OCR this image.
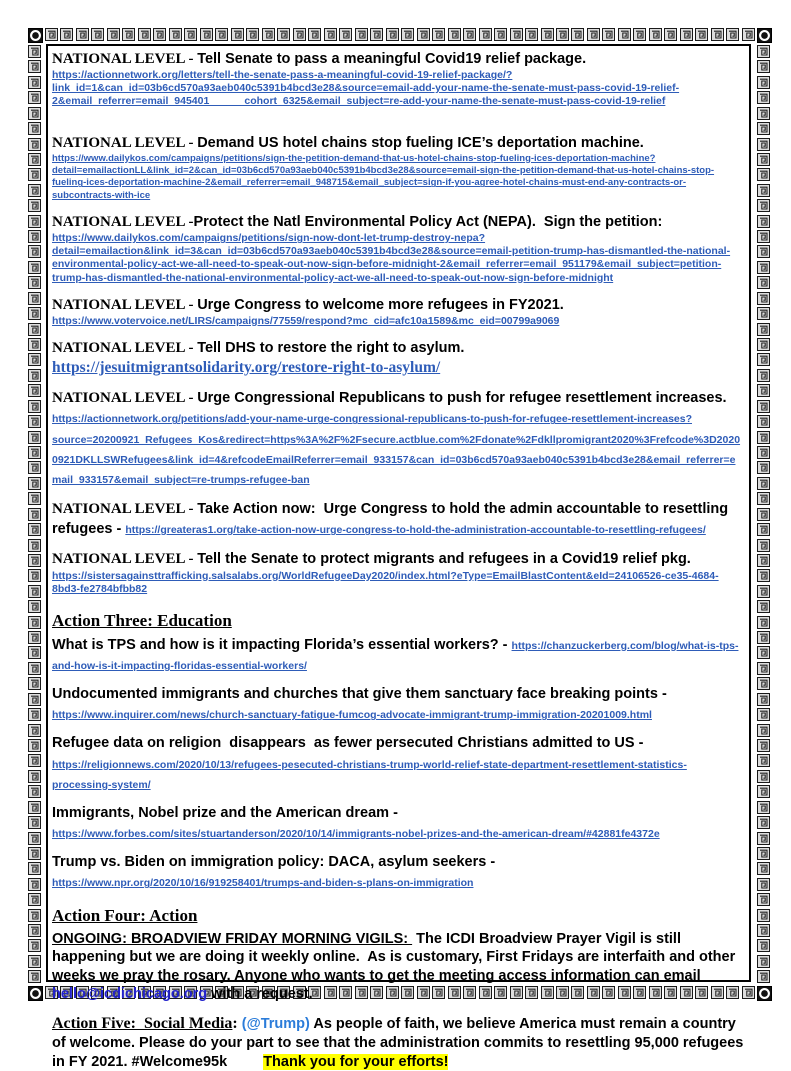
NATIONAL LEVEL - Tell Senate to pass a meaningful Covid19 relief package.
https://actionnetwork.org/letters/tell-the-senate-pass-a-meaningful-covid-19-relief-package/?link_id=1&can_id=03b6cd570a93aeb040c5391b4bcd3e28&source=email-add-your-name-the-senate-must-pass-covid-19-relief-2&email_referrer=email_945401______cohort_6325&email_subject=re-add-your-name-the-senate-must-pass-covid-19-relief

NATIONAL LEVEL - Demand US hotel chains stop fueling ICE’s deportation machine.
https://www.dailykos.com/campaigns/petitions/sign-the-petition-demand-that-us-hotel-chains-stop-fueling-ices-deportation-machine?detail=emailactionLL&link_id=2&can_id=03b6cd570a93aeb040c5391b4bcd3e28&source=email-sign-the-petition-demand-that-us-hotel-chains-stop-fueling-ices-deportation-machine-2&email_referrer=email_948715&email_subject=sign-if-you-agree-hotel-chains-must-end-any-contracts-or-subcontracts-with-ice

NATIONAL LEVEL -Protect the Natl Environmental Policy Act (NEPA).  Sign the petition:
https://www.dailykos.com/campaigns/petitions/sign-now-dont-let-trump-destroy-nepa?detail=emailaction&link_id=3&can_id=03b6cd570a93aeb040c5391b4bcd3e28&source=email-petition-trump-has-dismantled-the-national-environmental-policy-act-we-all-need-to-speak-out-now-sign-before-midnight-2&email_referrer=email_951179&email_subject=petition-trump-has-dismantled-the-national-environmental-policy-act-we-all-need-to-speak-out-now-sign-before-midnight

NATIONAL LEVEL - Urge Congress to welcome more refugees in FY2021.
https://www.votervoice.net/LIRS/campaigns/77559/respond?mc_cid=afc10a1589&mc_eid=00799a9069

NATIONAL LEVEL - Tell DHS to restore the right to asylum.
https://jesuitmigrantsolidarity.org/restore-right-to-asylum/

NATIONAL LEVEL - Urge Congressional Republicans to push for refugee resettlement increases. https://actionnetwork.org/petitions/add-your-name-urge-congressional-republicans-to-push-for-refugee-resettlement-increases?source=20200921_Refugees_Kos&redirect=https%3A%2F%2Fsecure.actblue.com%2Fdonate%2Fdkllpromigrant2020%3Frefcode%3D20200921DKLLSWRefugees&link_id=4&refcodeEmailReferrer=email_933157&can_id=03b6cd570a93aeb040c5391b4bcd3e28&email_referrer=email_933157&email_subject=re-trumps-refugee-ban

NATIONAL LEVEL - Take Action now:  Urge Congress to hold the admin accountable to resettling refugees - https://greateras1.org/take-action-now-urge-congress-to-hold-the-administration-accountable-to-resettling-refugees/

NATIONAL LEVEL - Tell the Senate to protect migrants and refugees in a Covid19 relief pkg.
https://sistersagainsttrafficking.salsalabs.org/WorldRefugeeDay2020/index.html?eType=EmailBlastContent&eId=24106526-ce35-4684-8bd3-fe2784bfbb82

Action Three: Education

What is TPS and how is it impacting Florida’s essential workers? - https://chanzuckerberg.com/blog/what-is-tps-and-how-is-it-impacting-floridas-essential-workers/

Undocumented immigrants and churches that give them sanctuary face breaking points - https://www.inquirer.com/news/church-sanctuary-fatigue-fumcog-advocate-immigrant-trump-immigration-20201009.html

Refugee data on religion  disappears  as fewer persecuted Christians admitted to US - https://religionnews.com/2020/10/13/refugees-pesecuted-christians-trump-world-relief-state-department-resettlement-statistics-processing-system/

Immigrants, Nobel prize and the American dream - https://www.forbes.com/sites/stuartanderson/2020/10/14/immigrants-nobel-prizes-and-the-american-dream/#42881fe4372e

Trump vs. Biden on immigration policy: DACA, asylum seekers - https://www.npr.org/2020/10/16/919258401/trumps-and-biden-s-plans-on-immigration

Action Four: Action

ONGOING: BROADVIEW FRIDAY MORNING VIGILS:  The ICDI Broadview Prayer Vigil is still happening but we are doing it weekly online.  As is customary, First Fridays are interfaith and other weeks we pray the rosary. Anyone who wants to get the meeting access information can email hello@icdichicago.org with a request.

Action Five:  Social Media: (@Trump) As people of faith, we believe America must remain a country of welcome. Please do your part to see that the administration commits to resettling 95,000 refugees in FY 2021. #Welcome95k Thank you for your efforts!
